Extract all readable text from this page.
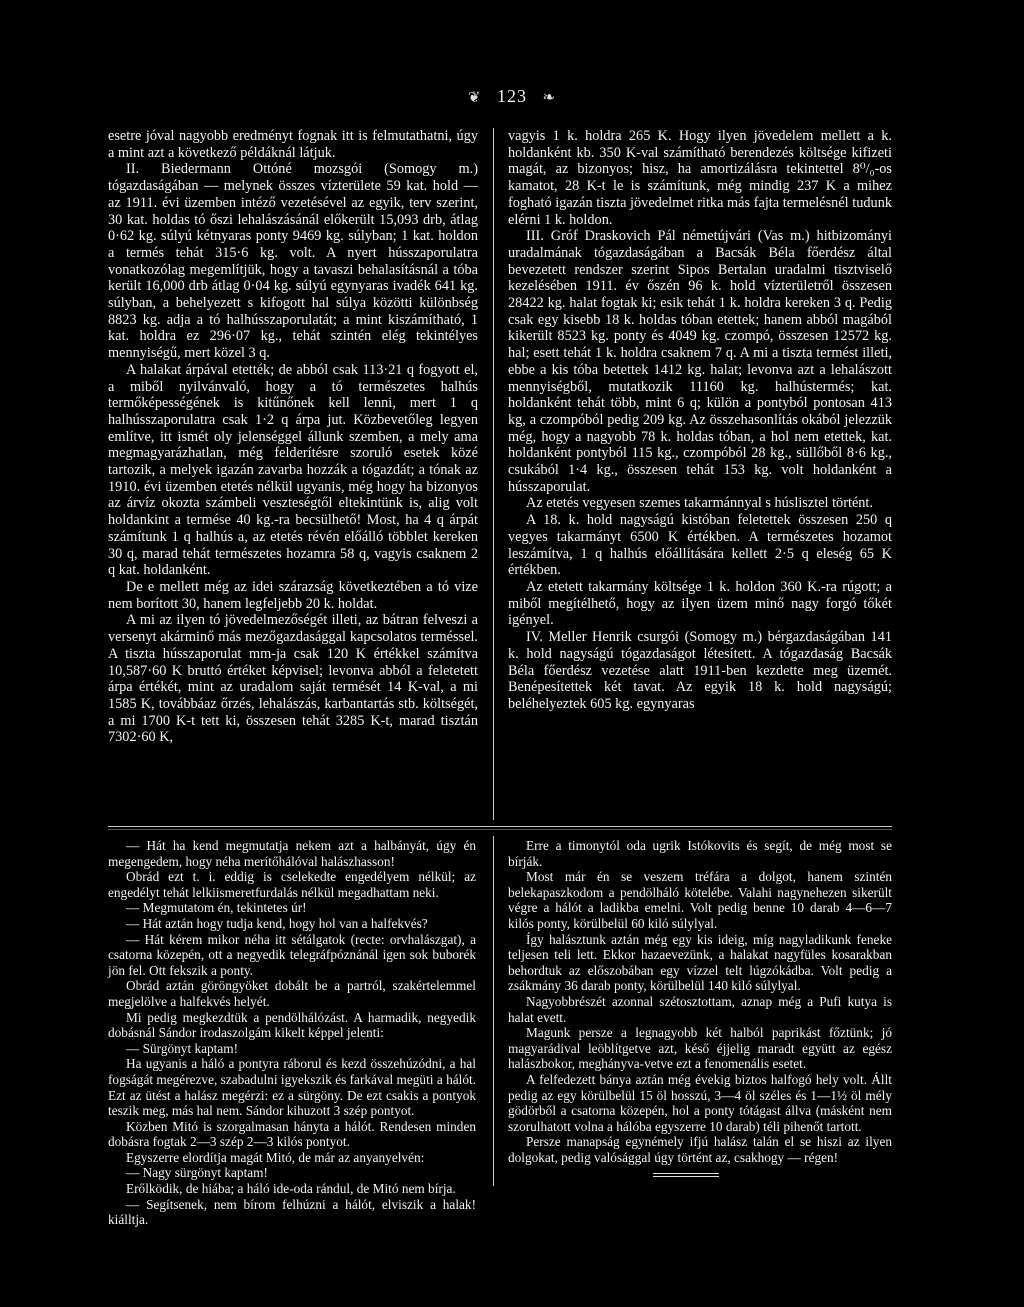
❦ 123 ❧

esetre jóval nagyobb eredményt fognak itt is felmutathatni, úgy a mint azt a következő példáknál látjuk.

II. Biedermann Ottóné mozsgói (Somogy m.) tógazdaságában — melynek összes vízterülete 59 kat. hold — az 1911. évi üzemben intéző vezetésével az egyik, terv szerint, 30 kat. holdas tó őszi lehalászásánál előkerült 15,093 drb, átlag 0·62 kg. súlyú kétnyaras ponty 9469 kg. súlyban; 1 kat. holdon a termés tehát 315·6 kg. volt. A nyert hússzaporulatra vonatkozólag megemlítjük, hogy a tavaszi behalasításnál a tóba került 16,000 drb átlag 0·04 kg. súlyú egynyaras ivadék 641 kg. súlyban, a behelyezett s kifogott hal súlya közötti különbség 8823 kg. adja a tó halhússzaporulatát; a mint kiszámítható, 1 kat. holdra ez 296·07 kg., tehát szintén elég tekintélyes mennyiségű, mert közel 3 q.

A halakat árpával etették; de abból csak 113·21 q fogyott el, a miből nyilvánvaló, hogy a tó természetes halhús termőképességének is kitűnőnek kell lenni, mert 1 q halhússzaporulatra csak 1·2 q árpa jut. Közbevetőleg legyen említve, itt ismét oly jelenséggel állunk szemben, a mely ama megmagyarázhatlan, még felderítésre szoruló esetek közé tartozik, a melyek igazán zavarba hozzák a tógazdát; a tónak az 1910. évi üzemben etetés nélkül ugyanis, még hogy ha bizonyos az árvíz okozta számbeli veszteségtől eltekintünk is, alig volt holdankint a termése 40 kg.-ra becsülhető! Most, ha 4 q árpát számítunk 1 q halhús a, az etetés révén előálló többlet kereken 30 q, marad tehát természetes hozamra 58 q, vagyis csaknem 2 q kat. holdanként.

De e mellett még az idei szárazság következtében a tó vize nem borított 30, hanem legfeljebb 20 k. holdat.

A mi az ilyen tó jövedelmezőségét illeti, az bátran felveszi a versenyt akárminő más mezőgazdasággal kapcsolatos terméssel. A tiszta hússzaporulat mm-ja csak 120 K értékkel számítva 10,587·60 K bruttó értéket képvisel; levonva abból a feletetett árpa értékét, mint az uradalom saját termését 14 K-val, a mi 1585 K, továbbáaz őrzés, lehalászás, karbantartás stb. költségét, a mi 1700 K-t tett ki, összesen tehát 3285 K-t, marad tisztán 7302·60 K,

vagyis 1 k. holdra 265 K. Hogy ilyen jövedelem mellett a k. holdanként kb. 350 K-val számítható berendezés költsége kifizeti magát, az bizonyos; hisz, ha amortizálásra tekintettel 8⁰/₀-os kamatot, 28 K-t le is számítunk, még mindig 237 K a mihez fogható igazán tiszta jövedelmet ritka más fajta termelésnél tudunk elérni 1 k. holdon.

III. Gróf Draskovich Pál németújvári (Vas m.) hitbizományi uradalmának tógazdaságában a Bacsák Béla főerdész által bevezetett rendszer szerint Sipos Bertalan uradalmi tisztviselő kezelésében 1911. év őszén 96 k. hold vízterületről összesen 28422 kg. halat fogtak ki; esik tehát 1 k. holdra kereken 3 q. Pedig csak egy kisebb 18 k. holdas tóban etettek; hanem abból magából kikerült 8523 kg. ponty és 4049 kg. czompó, összesen 12572 kg. hal; esett tehát 1 k. holdra csaknem 7 q. A mi a tiszta termést illeti, ebbe a kis tóba betettek 1412 kg. halat; levonva azt a lehalászott mennyiségből, mutatkozik 11160 kg. halhústermés; kat. holdanként tehát több, mint 6 q; külön a pontyból pontosan 413 kg, a czompóból pedig 209 kg. Az összehasonlítás okából jelezzük még, hogy a nagyobb 78 k. holdas tóban, a hol nem etettek, kat. holdanként pontyból 115 kg., czompóból 28 kg., süllőből 8·6 kg., csukából 1·4 kg., összesen tehát 153 kg. volt holdanként a hússzaporulat.

Az etetés vegyesen szemes takarmánnyal s húslisztel történt.

A 18. k. hold nagyságú kistóban feletettek összesen 250 q vegyes takarmányt 6500 K értékben. A természetes hozamot leszámítva, 1 q halhús előállítására kellett 2·5 q eleség 65 K értékben.

Az etetett takarmány költsége 1 k. holdon 360 K.-ra rúgott; a miből megítélhető, hogy az ilyen üzem minő nagy forgó tőkét igényel.

IV. Meller Henrik csurgói (Somogy m.) bérgazdaságában 141 k. hold nagyságú tógazdaságot létesített. A tógazdaság Bacsák Béla főerdész vezetése alatt 1911-ben kezdette meg üzemét. Benépesítettek két tavat. Az egyik 18 k. hold nagyságú; beléhelyeztek 605 kg. egynyaras

— Hát ha kend megmutatja nekem azt a halbányát, úgy én megengedem, hogy néha merítőhálóval halászhasson!

Obrád ezt t. i. eddig is cselekedte engedélyem nélkül; az engedélyt tehát lelkiismeretfurdalás nélkül megadhattam neki.

— Megmutatom én, tekintetes úr!

— Hát aztán hogy tudja kend, hogy hol van a halfekvés?

— Hát kérem mikor néha itt sétálgatok (recte: orvhalászgat), a csatorna közepén, ott a negyedik telegráfpóznánál igen sok buborék jön fel. Ott fekszik a ponty.

Obrád aztán göröngyöket dobált be a partról, szakértelemmel megjelölve a halfekvés helyét.

Mi pedig megkezdtük a pendölhálózást. A harmadik, negyedik dobásnál Sándor irodaszolgám kikelt képpel jelenti:

— Sürgönyt kaptam!

Ha ugyanis a háló a pontyra ráborul és kezd összehúzódni, a hal fogságát megérezve, szabadulni igyekszik és farkával megüti a hálót. Ezt az ütést a halász megérzi: ez a sürgöny. De ezt csakis a pontyok teszik meg, más hal nem. Sándor kihuzott 3 szép pontyot.

Közben Mitó is szorgalmasan hányta a hálót. Rendesen minden dobásra fogtak 2—3 szép 2—3 kilós pontyot.

Egyszerre elordítja magát Mitó, de már az anyanyelvén:

— Nagy sürgönyt kaptam!

Erőlködik, de hiába; a háló ide-oda rándul, de Mitó nem bírja.

— Segítsenek, nem bírom felhúzni a hálót, elviszik a halak! kiálltja.

Erre a timonytól oda ugrik Istókovits és segít, de még most se bírják.

Most már én se veszem tréfára a dolgot, hanem szintén belekapaszkodom a pendölháló kötelébe. Valahi nagynehezen sikerült végre a hálót a ladikba emelni. Volt pedig benne 10 darab 4—6—7 kilós ponty, körülbelül 60 kiló súlylyal.

Így halásztunk aztán még egy kis ideig, míg nagyladikunk feneke teljesen teli lett. Ekkor hazaevezünk, a halakat nagyfüles kosarakban behordtuk az előszobában egy vízzel telt lúgzókádba. Volt pedig a zsákmány 36 darab ponty, körülbelül 140 kiló súlylyal.

Nagyobbrészét azonnal szétosztottam, aznap még a Pufi kutya is halat evett.

Magunk persze a legnagyobb két halból paprikást főztünk; jó magyarádival leöblítgetve azt, késő éjjelig maradt együtt az egész halászbokor, meghányva-vetve ezt a fenomenális esetet.

A felfedezett bánya aztán még évekig biztos halfogó hely volt. Állt pedig az egy körülbelül 15 öl hosszú, 3—4 öl széles és 1—1½ öl mély gödörből a csatorna közepén, hol a ponty tótágast állva (másként nem szorulhatott volna a hálóba egyszerre 10 darab) téli pihenőt tartott.

Persze manapság egynémely ifjú halász talán el se hiszi az ilyen dolgokat, pedig valósággal úgy történt az, csakhogy — régen!
